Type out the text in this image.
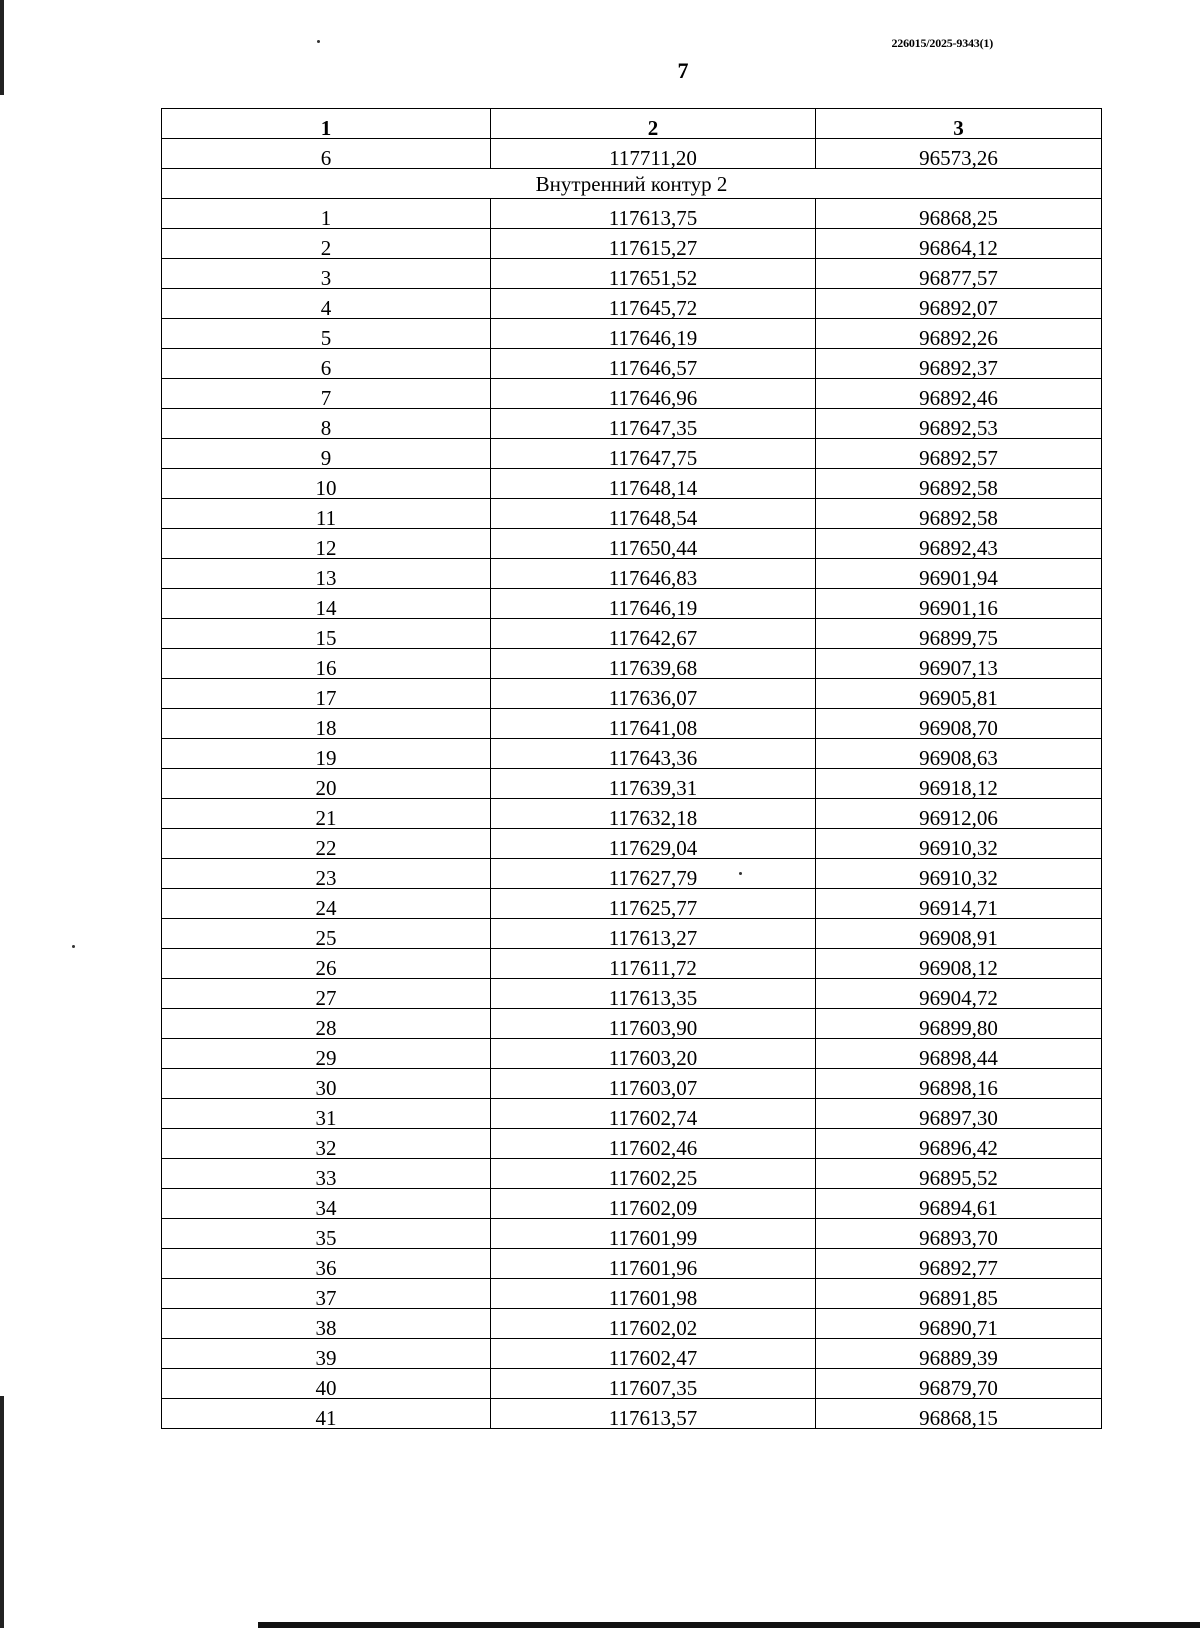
226015/2025-9343(1)
7
1	2	3
6	117711,20	96573,26
Внутренний контур 2		
1	117613,75	96868,25
2	117615,27	96864,12
3	117651,52	96877,57
4	117645,72	96892,07
5	117646,19	96892,26
6	117646,57	96892,37
7	117646,96	96892,46
8	117647,35	96892,53
9	117647,75	96892,57
10	117648,14	96892,58
11	117648,54	96892,58
12	117650,44	96892,43
13	117646,83	96901,94
14	117646,19	96901,16
15	117642,67	96899,75
16	117639,68	96907,13
17	117636,07	96905,81
18	117641,08	96908,70
19	117643,36	96908,63
20	117639,31	96918,12
21	117632,18	96912,06
22	117629,04	96910,32
23	117627,79	96910,32
24	117625,77	96914,71
25	117613,27	96908,91
26	117611,72	96908,12
27	117613,35	96904,72
28	117603,90	96899,80
29	117603,20	96898,44
30	117603,07	96898,16
31	117602,74	96897,30
32	117602,46	96896,42
33	117602,25	96895,52
34	117602,09	96894,61
35	117601,99	96893,70
36	117601,96	96892,77
37	117601,98	96891,85
38	117602,02	96890,71
39	117602,47	96889,39
40	117607,35	96879,70
41	117613,57	96868,15
